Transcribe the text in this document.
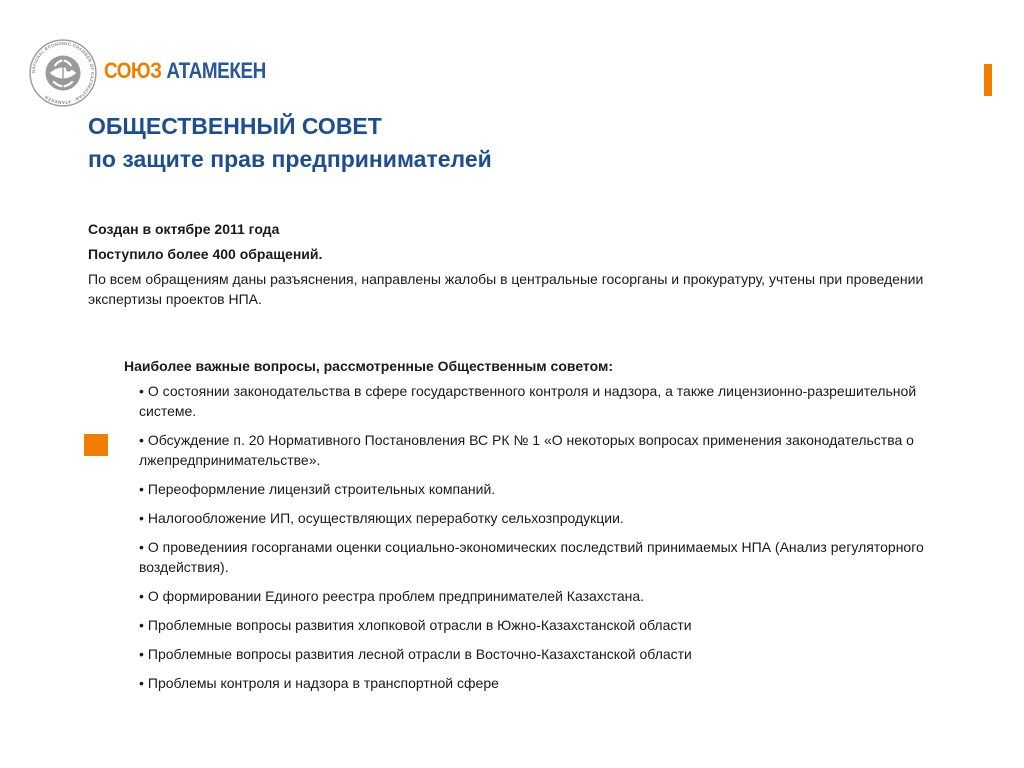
NATIONAL ECONOMIC CHAMBER OF KAZAKHSTAN · ATAMEKEN
СОЮЗ АТАМЕКЕН
ОБЩЕСТВЕННЫЙ СОВЕТ
по защите прав предпринимателей

Создан в октябре 2011 года

Поступило более 400 обращений.

По всем обращениям даны разъяснения, направлены жалобы в центральные госорганы и прокуратуру, учтены при проведении экспертизы проектов НПА.

Наиболее важные вопросы, рассмотренные Общественным советом:
• О состоянии законодательства в сфере государственного контроля и надзора, а также лицензионно-разрешительной системе.
• Обсуждение п. 20 Нормативного Постановления ВС РК № 1 «О некоторых вопросах применения законодательства о лжепредпринимательстве».
• Переоформление лицензий строительных компаний.
• Налогообложение ИП, осуществляющих переработку сельхозпродукции.
• О проведениия госорганами оценки социально-экономических последствий принимаемых НПА (Анализ регуляторного воздействия).
• О формировании Единого реестра проблем предпринимателей Казахстана.
• Проблемные вопросы развития хлопковой отрасли в Южно-Казахстанской области
• Проблемные вопросы развития лесной отрасли в Восточно-Казахстанской области
• Проблемы контроля и надзора в транспортной сфере
